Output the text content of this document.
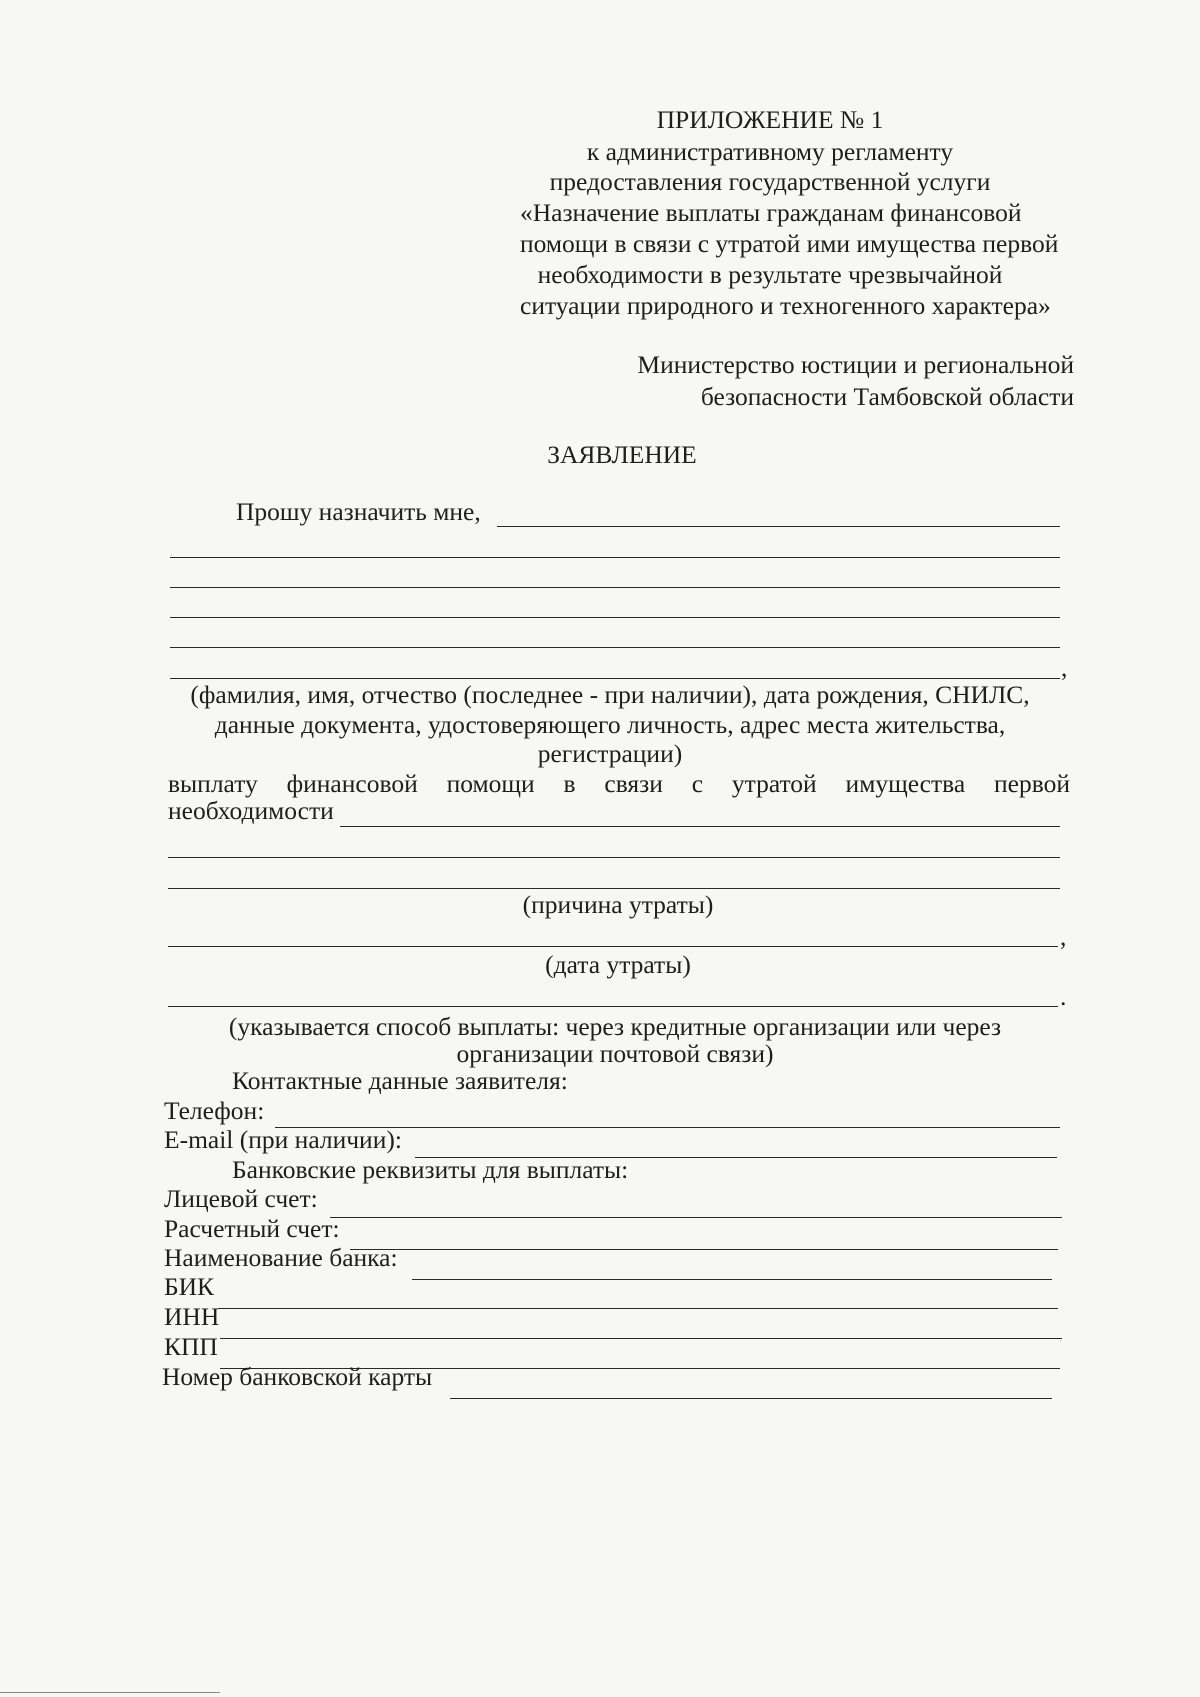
ПРИЛОЖЕНИЕ № 1
к административному регламенту
предоставления государственной услуги
«Назначение выплаты гражданам финансовой
помощи в связи с утратой ими имущества первой
необходимости в результате чрезвычайной
ситуации природного и техногенного характера»
Министерство юстиции и региональной
безопасности Тамбовской области
ЗАЯВЛЕНИЕ
Прошу назначить мне,
,
(фамилия, имя, отчество (последнее - при наличии), дата рождения, СНИЛС,
данные документа, удостоверяющего личность, адрес места жительства,
регистрации)
выплату финансовой помощи в связи с утратой имущества первой
необходимости
(причина утраты)
,
(дата утраты)
.
(указывается способ выплаты: через кредитные организации или через
организации почтовой связи)
Контактные данные заявителя:
Телефон:
E-mail (при наличии):
Банковские реквизиты для выплаты:
Лицевой счет:
Расчетный счет:
Наименование банка:
БИК
ИНН
КПП
Номер банковской карты
